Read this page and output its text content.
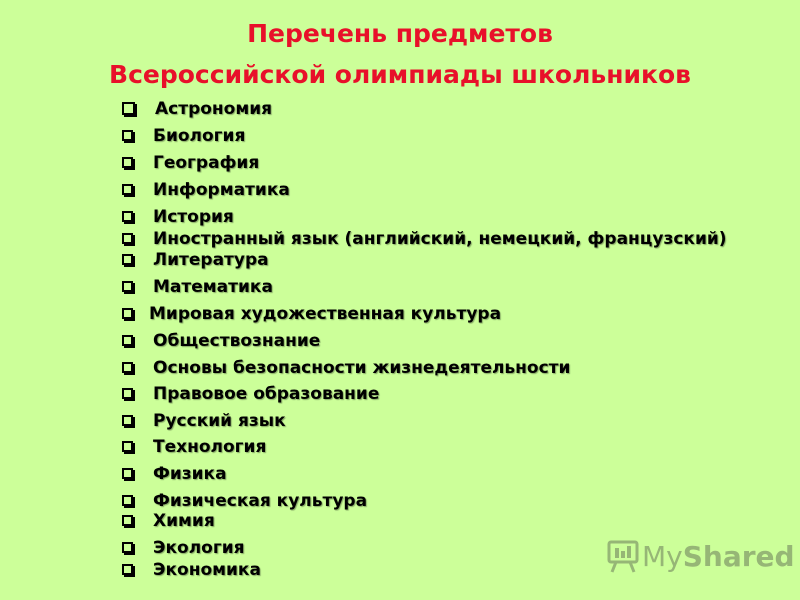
Перечень предметов
Всероссийской олимпиады школьников
Астрономия
Биология
География
Информатика
История
Иностранный язык (английский, немецкий, французский)
Литература
Математика
Мировая художественная культура
Обществознание
Основы безопасности жизнедеятельности
Правовое образование
Русский язык
Технология
Физика
Физическая культура
Химия
Экология
Экономика	MyShared
